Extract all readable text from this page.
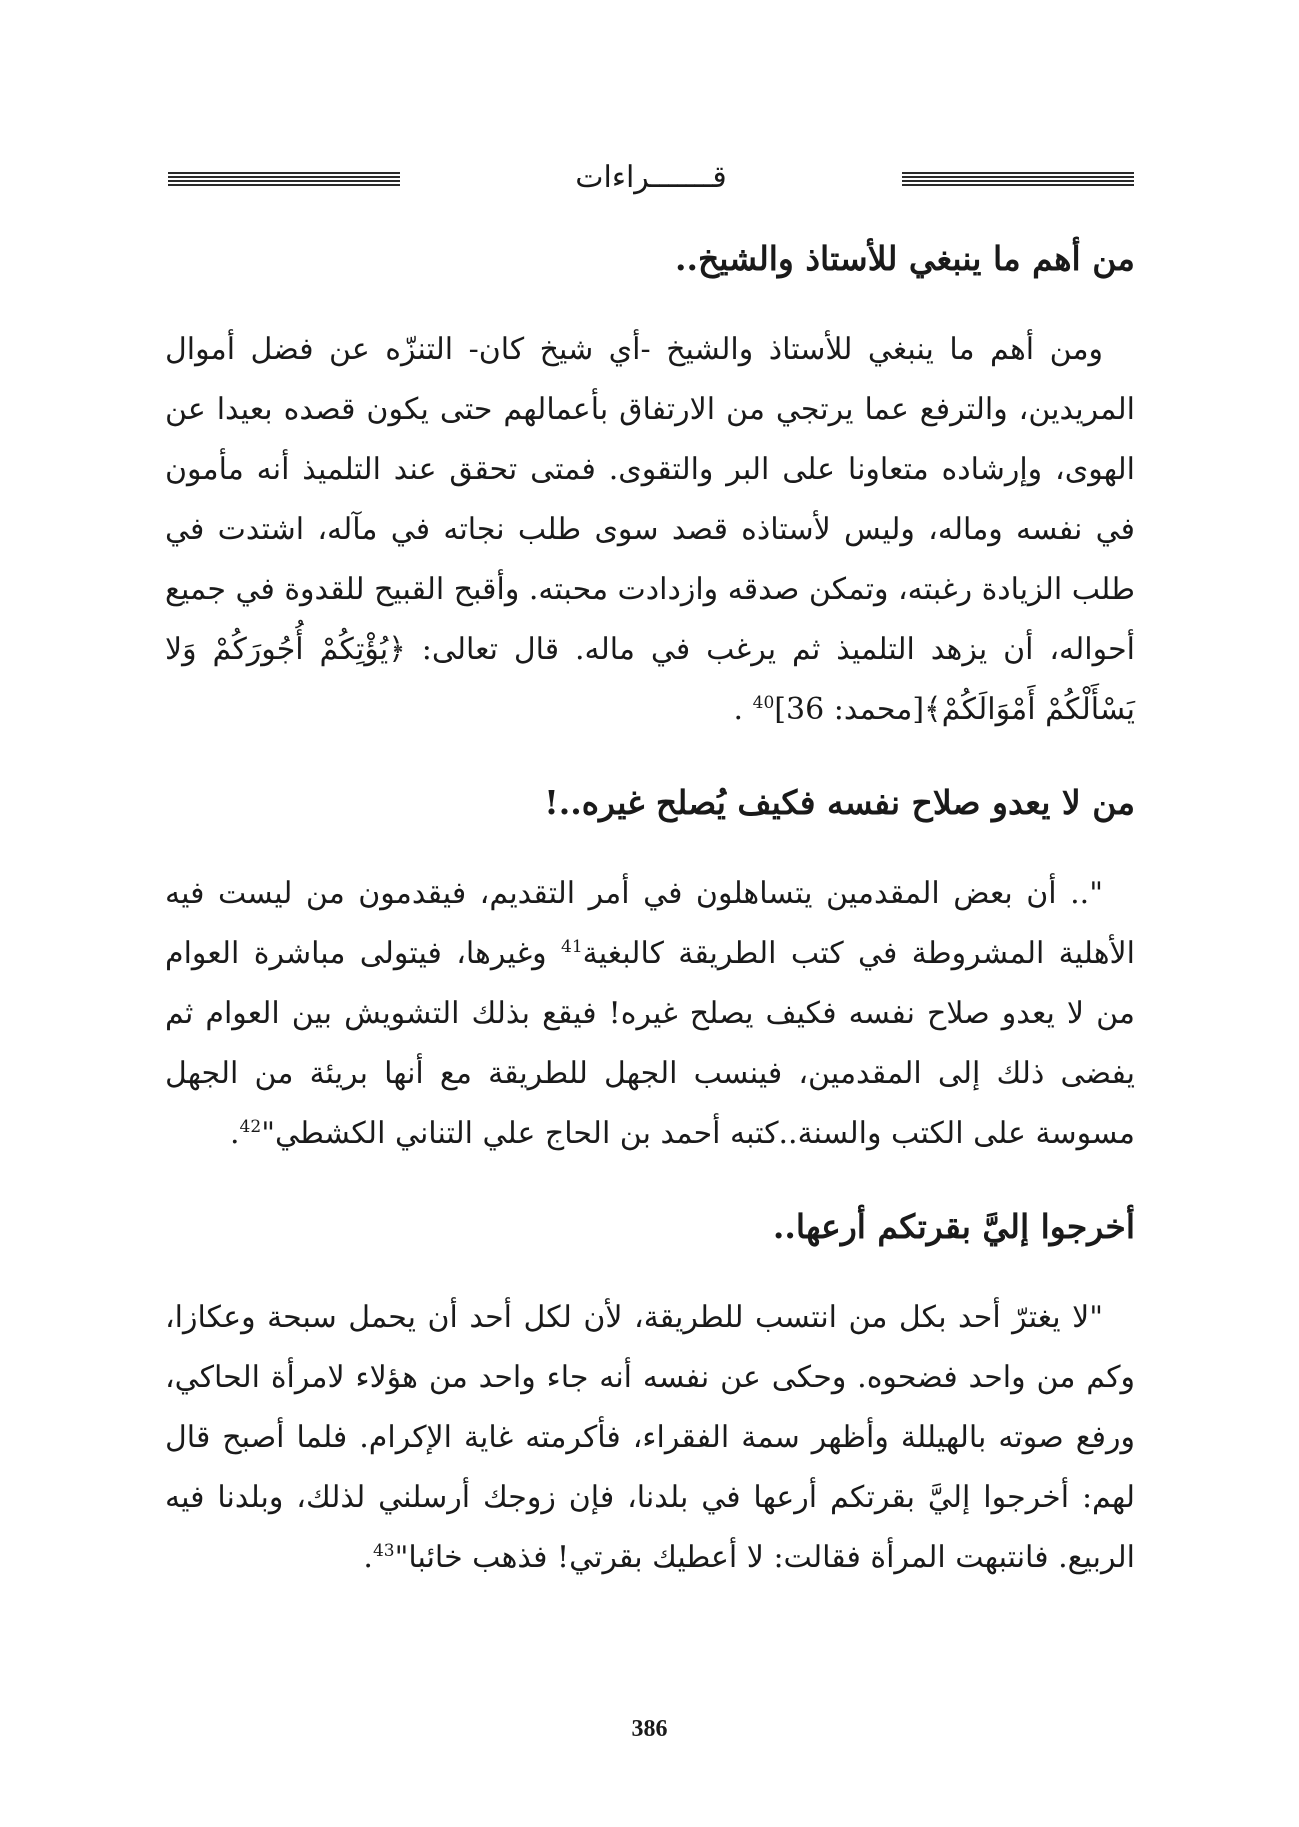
قـــــــراءات
من أهم ما ينبغي للأستاذ والشيخ..

ومن أهم ما ينبغي للأستاذ والشيخ -أي شيخ كان- التنزّه عن فضل أموال المريدين، والترفع عما يرتجي من الارتفاق بأعمالهم حتى يكون قصده بعيدا عن الهوى، وإرشاده متعاونا على البر والتقوى. فمتى تحقق عند التلميذ أنه مأمون في نفسه وماله، وليس لأستاذه قصد سوى طلب نجاته في مآله، اشتدت في طلب الزيادة رغبته، وتمكن صدقه وازدادت محبته. وأقبح القبيح للقدوة في جميع أحواله، أن يزهد التلميذ ثم يرغب في ماله. قال تعالى: ﴿يُؤْتِكُمْ أُجُورَكُمْ وَلا يَسْأَلْكُمْ أَمْوَالَكُمْ﴾[محمد: 36]$^{40}$ .

من لا يعدو صلاح نفسه فكيف يُصلح غيره..!

".. أن بعض المقدمين يتساهلون في أمر التقديم، فيقدمون من ليست فيه الأهلية المشروطة في كتب الطريقة كالبغية$^{41}$ وغيرها، فيتولى مباشرة العوام من لا يعدو صلاح نفسه فكيف يصلح غيره! فيقع بذلك التشويش بين العوام ثم يفضى ذلك إلى المقدمين، فينسب الجهل للطريقة مع أنها بريئة من الجهل مسوسة على الكتب والسنة..كتبه أحمد بن الحاج علي التناني الكشطي"$^{42}$.

أخرجوا إليَّ بقرتكم أرعها..

"لا يغترّ أحد بكل من انتسب للطريقة، لأن لكل أحد أن يحمل سبحة وعكازا، وكم من واحد فضحوه. وحكى عن نفسه أنه جاء واحد من هؤلاء لامرأة الحاكي، ورفع صوته بالهيللة وأظهر سمة الفقراء، فأكرمته غاية الإكرام. فلما أصبح قال لهم: أخرجوا إليَّ بقرتكم أرعها في بلدنا، فإن زوجك أرسلني لذلك، وبلدنا فيه الربيع. فانتبهت المرأة فقالت: لا أعطيك بقرتي! فذهب خائبا"$^{43}$.

386
